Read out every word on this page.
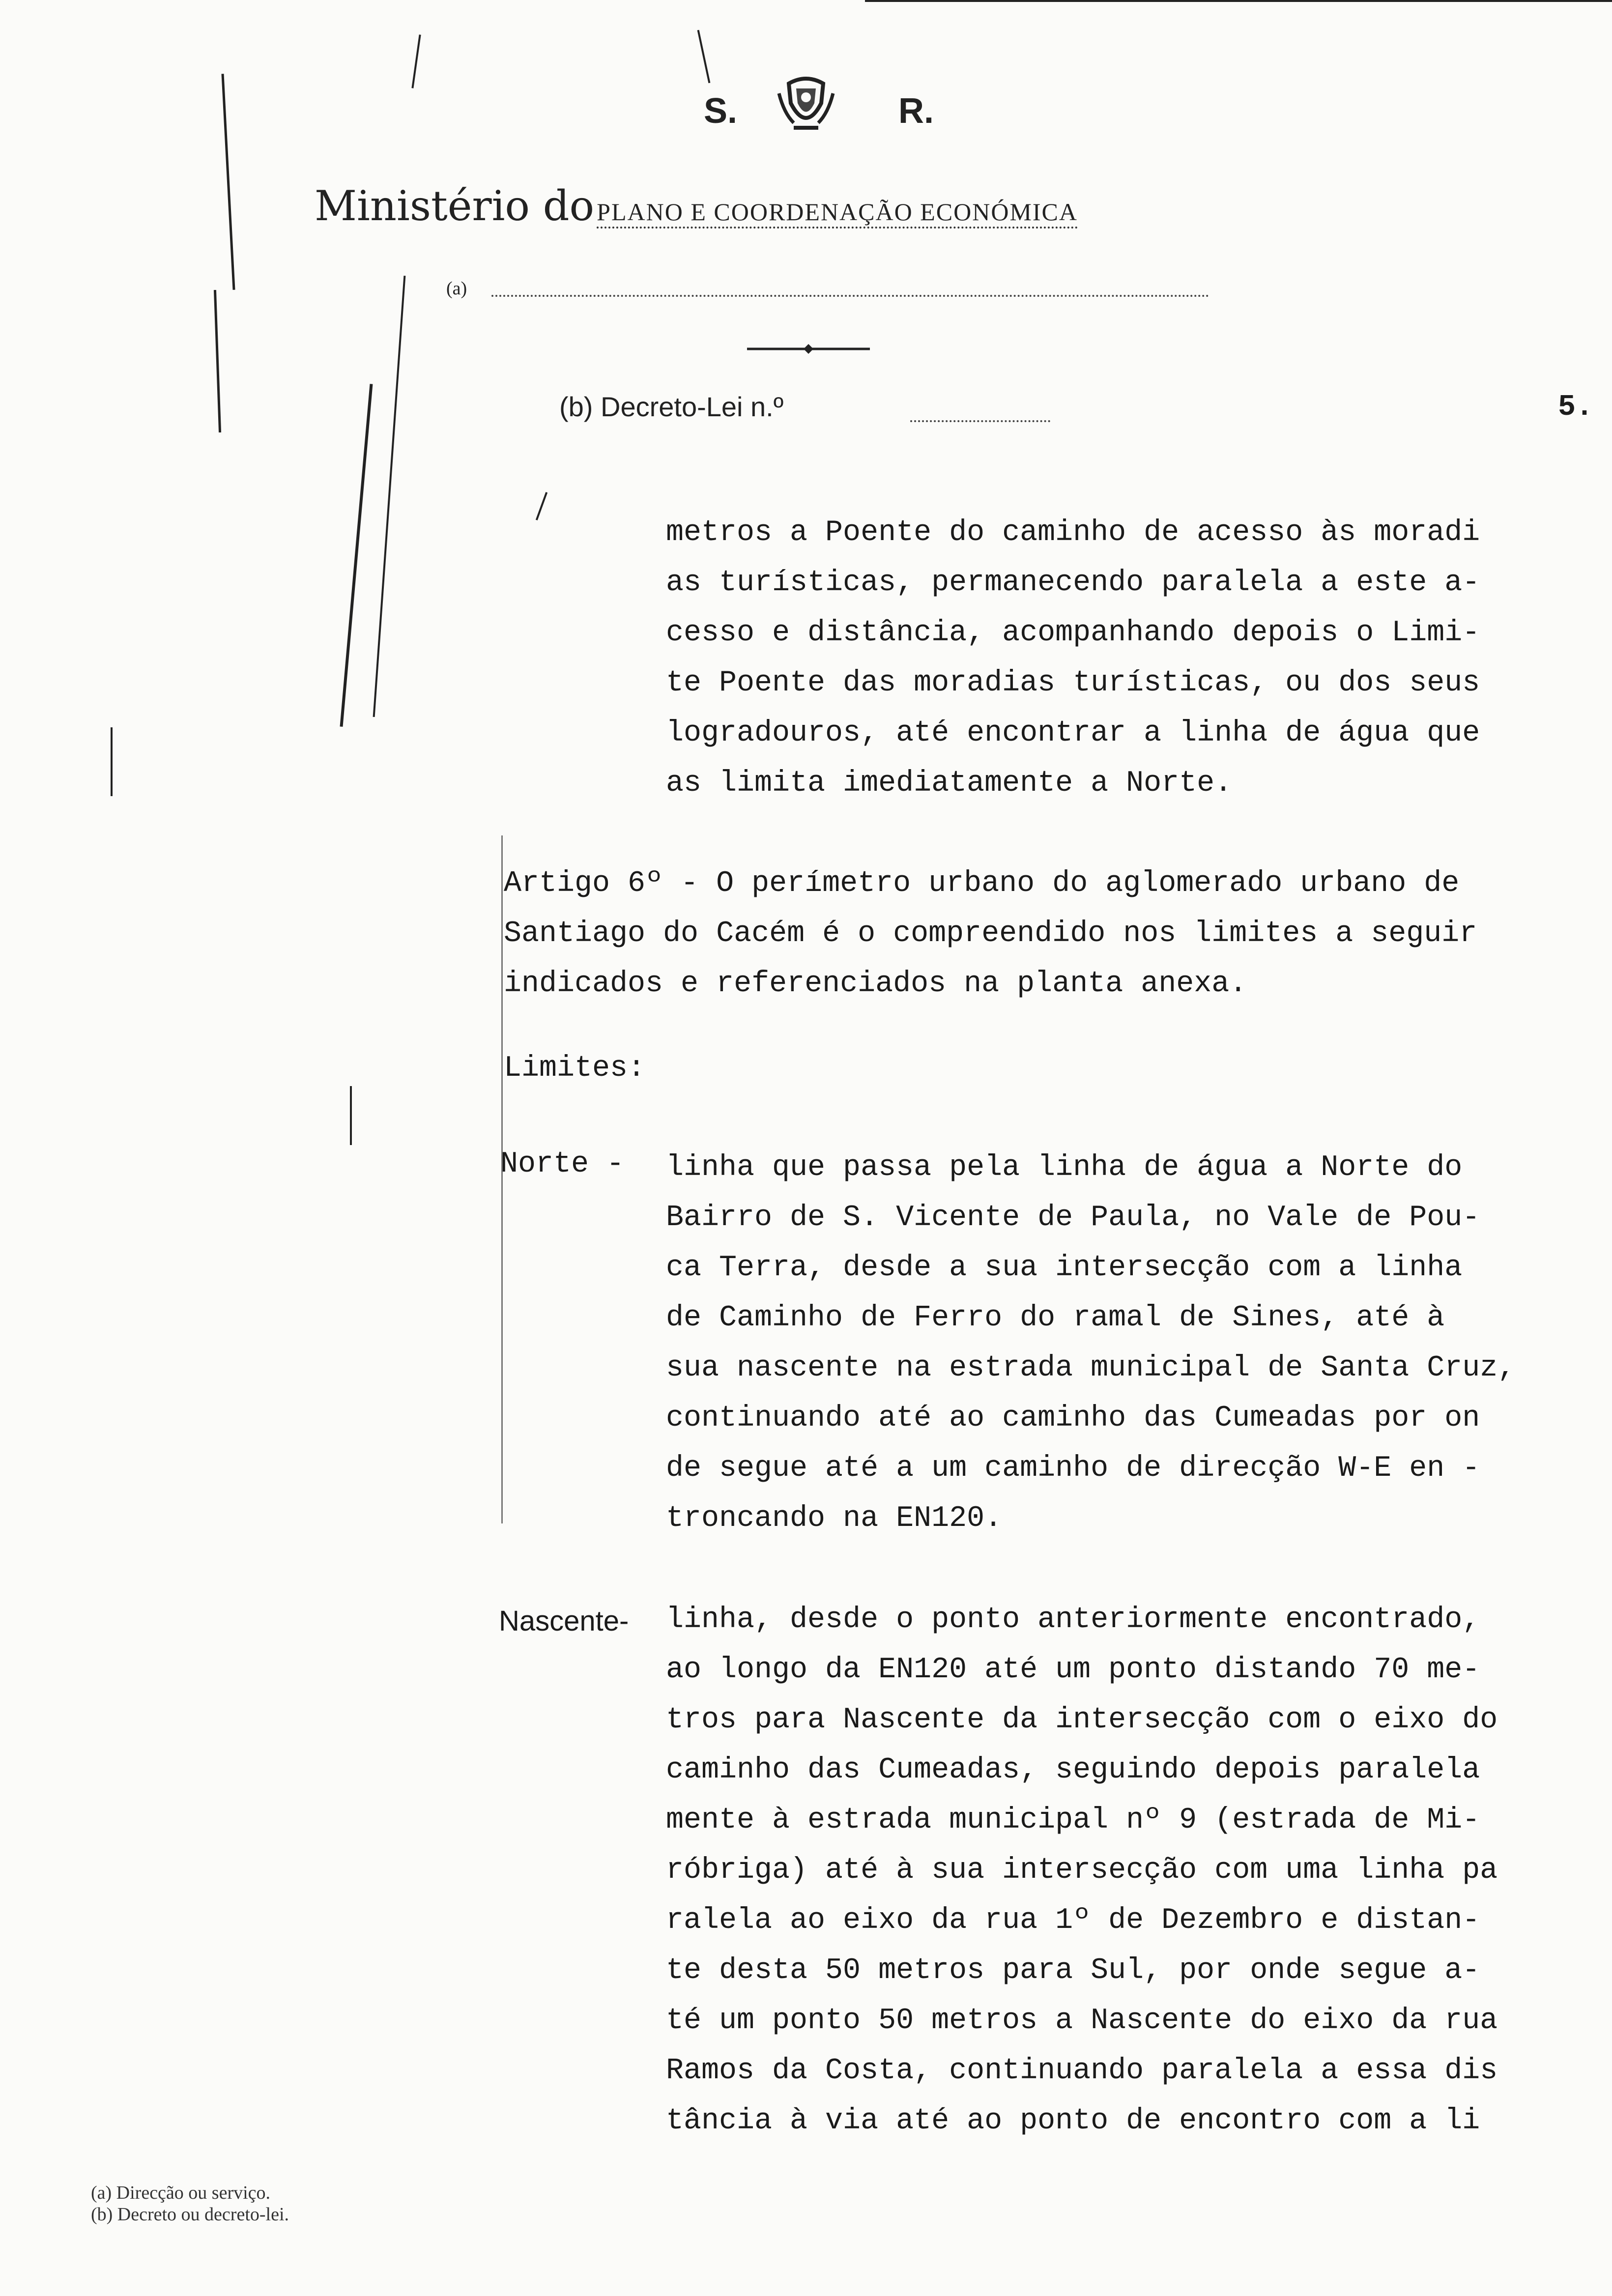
S.	R.
Ministério do PLANO E COORDENAÇÃO ECONÓMICA
(a)
(b) Decreto-Lei n.º	5.
metros a Poente do caminho de acesso às moradi
as turísticas, permanecendo paralela a este a-
cesso e distância, acompanhando depois o Limi-
te Poente das moradias turísticas, ou dos seus
logradouros, até encontrar a linha de água que
as limita imediatamente a Norte.
Artigo 6º - O perímetro urbano do aglomerado urbano de
Santiago do Cacém é o compreendido nos limites a seguir
indicados e referenciados na planta anexa.
Limites:
Norte - linha que passa pela linha de água a Norte do
Bairro de S. Vicente de Paula, no Vale de Pou-
ca Terra, desde a sua intersecção com a linha
de Caminho de Ferro do ramal de Sines, até à
sua nascente na estrada municipal de Santa Cruz,
continuando até ao caminho das Cumeadas por on
de segue até a um caminho de direcção W-E en -
troncando na EN120.
Nascente- linha, desde o ponto anteriormente encontrado,
ao longo da EN120 até um ponto distando 70 me-
tros para Nascente da intersecção com o eixo do
caminho das Cumeadas, seguindo depois paralela
mente à estrada municipal nº 9 (estrada de Mi-
róbriga) até à sua intersecção com uma linha pa
ralela ao eixo da rua 1º de Dezembro e distan-
te desta 50 metros para Sul, por onde segue a-
té um ponto 50 metros a Nascente do eixo da rua
Ramos da Costa, continuando paralela a essa dis
tância à via até ao ponto de encontro com a li
(a) Direcção ou serviço.
(b) Decreto ou decreto-lei.
